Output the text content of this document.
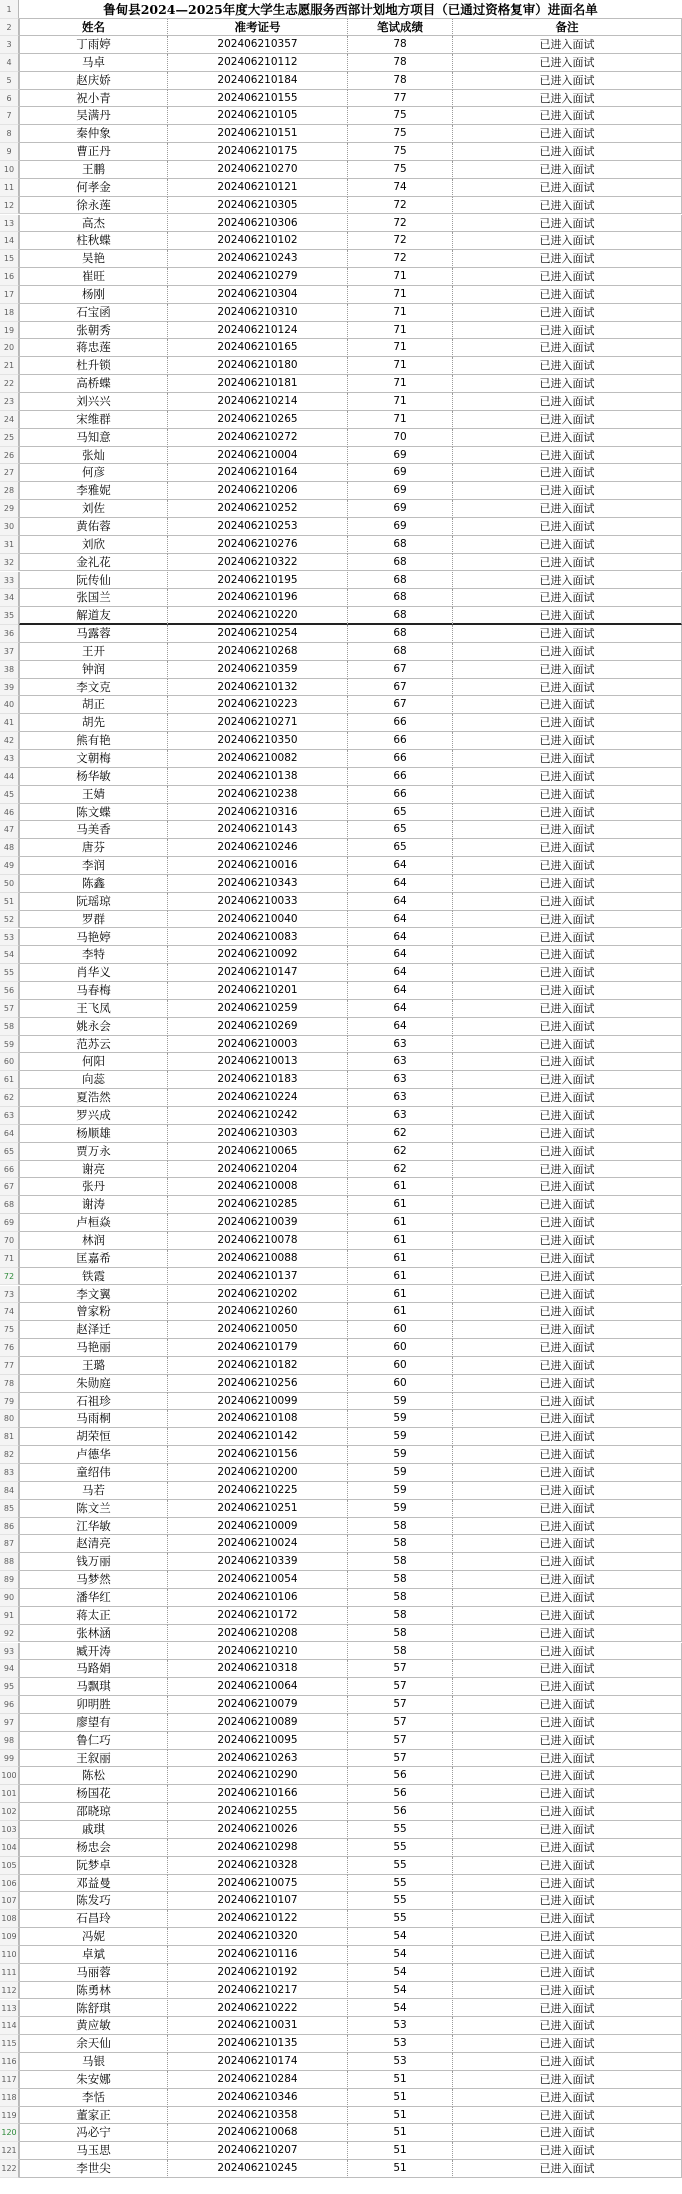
1	鲁甸县2024—2025年度大学生志愿服务西部计划地方项目（已通过资格复审）进面名单
2	姓名	准考证号	笔试成绩	备注
3	丁雨婷	202406210357	78	已进入面试
4	马卓	202406210112	78	已进入面试
5	赵庆娇	202406210184	78	已进入面试
6	祝小青	202406210155	77	已进入面试
7	吴满丹	202406210105	75	已进入面试
8	秦仲象	202406210151	75	已进入面试
9	曹正丹	202406210175	75	已进入面试
10	王鹏	202406210270	75	已进入面试
11	何孝金	202406210121	74	已进入面试
12	徐永莲	202406210305	72	已进入面试
13	高杰	202406210306	72	已进入面试
14	柱秋蝶	202406210102	72	已进入面试
15	吴艳	202406210243	72	已进入面试
16	崔旺	202406210279	71	已进入面试
17	杨刚	202406210304	71	已进入面试
18	石宝函	202406210310	71	已进入面试
19	张朝秀	202406210124	71	已进入面试
20	蒋忠莲	202406210165	71	已进入面试
21	杜升锁	202406210180	71	已进入面试
22	高桥蝶	202406210181	71	已进入面试
23	刘兴兴	202406210214	71	已进入面试
24	宋维群	202406210265	71	已进入面试
25	马知意	202406210272	70	已进入面试
26	张灿	202406210004	69	已进入面试
27	何彦	202406210164	69	已进入面试
28	李雅妮	202406210206	69	已进入面试
29	刘佐	202406210252	69	已进入面试
30	黄佑蓉	202406210253	69	已进入面试
31	刘欣	202406210276	68	已进入面试
32	金礼花	202406210322	68	已进入面试
33	阮传仙	202406210195	68	已进入面试
34	张国兰	202406210196	68	已进入面试
35	解道友	202406210220	68	已进入面试
36	马露蓉	202406210254	68	已进入面试
37	王开	202406210268	68	已进入面试
38	钟润	202406210359	67	已进入面试
39	李文克	202406210132	67	已进入面试
40	胡正	202406210223	67	已进入面试
41	胡先	202406210271	66	已进入面试
42	熊有艳	202406210350	66	已进入面试
43	文朝梅	202406210082	66	已进入面试
44	杨华敏	202406210138	66	已进入面试
45	王婧	202406210238	66	已进入面试
46	陈文蝶	202406210316	65	已进入面试
47	马美香	202406210143	65	已进入面试
48	唐芬	202406210246	65	已进入面试
49	李润	202406210016	64	已进入面试
50	陈鑫	202406210343	64	已进入面试
51	阮瑶琼	202406210033	64	已进入面试
52	罗群	202406210040	64	已进入面试
53	马艳婷	202406210083	64	已进入面试
54	李特	202406210092	64	已进入面试
55	肖华义	202406210147	64	已进入面试
56	马春梅	202406210201	64	已进入面试
57	王飞凤	202406210259	64	已进入面试
58	姚永会	202406210269	64	已进入面试
59	范苏云	202406210003	63	已进入面试
60	何阳	202406210013	63	已进入面试
61	向蕊	202406210183	63	已进入面试
62	夏浩然	202406210224	63	已进入面试
63	罗兴成	202406210242	63	已进入面试
64	杨顺雄	202406210303	62	已进入面试
65	贾万永	202406210065	62	已进入面试
66	谢亮	202406210204	62	已进入面试
67	张丹	202406210008	61	已进入面试
68	谢涛	202406210285	61	已进入面试
69	卢桓焱	202406210039	61	已进入面试
70	林润	202406210078	61	已进入面试
71	匡嘉希	202406210088	61	已进入面试
72	铁霞	202406210137	61	已进入面试
73	李文翼	202406210202	61	已进入面试
74	曾家粉	202406210260	61	已进入面试
75	赵泽迁	202406210050	60	已进入面试
76	马艳丽	202406210179	60	已进入面试
77	王璐	202406210182	60	已进入面试
78	朱勋庭	202406210256	60	已进入面试
79	石祖珍	202406210099	59	已进入面试
80	马雨桐	202406210108	59	已进入面试
81	胡荣恒	202406210142	59	已进入面试
82	卢德华	202406210156	59	已进入面试
83	童绍伟	202406210200	59	已进入面试
84	马若	202406210225	59	已进入面试
85	陈文兰	202406210251	59	已进入面试
86	江华敏	202406210009	58	已进入面试
87	赵清亮	202406210024	58	已进入面试
88	钱万丽	202406210339	58	已进入面试
89	马梦然	202406210054	58	已进入面试
90	潘华红	202406210106	58	已进入面试
91	蒋太正	202406210172	58	已进入面试
92	张林涵	202406210208	58	已进入面试
93	臧开涛	202406210210	58	已进入面试
94	马路娟	202406210318	57	已进入面试
95	马飘琪	202406210064	57	已进入面试
96	卯明胜	202406210079	57	已进入面试
97	廖望有	202406210089	57	已进入面试
98	鲁仁巧	202406210095	57	已进入面试
99	王叙丽	202406210263	57	已进入面试
100	陈松	202406210290	56	已进入面试
101	杨国花	202406210166	56	已进入面试
102	邵晓琼	202406210255	56	已进入面试
103	戚琪	202406210026	55	已进入面试
104	杨忠会	202406210298	55	已进入面试
105	阮梦卓	202406210328	55	已进入面试
106	邓益曼	202406210075	55	已进入面试
107	陈发巧	202406210107	55	已进入面试
108	石昌玲	202406210122	55	已进入面试
109	冯妮	202406210320	54	已进入面试
110	卓斌	202406210116	54	已进入面试
111	马丽蓉	202406210192	54	已进入面试
112	陈勇林	202406210217	54	已进入面试
113	陈舒琪	202406210222	54	已进入面试
114	黄应敏	202406210031	53	已进入面试
115	余天仙	202406210135	53	已进入面试
116	马银	202406210174	53	已进入面试
117	朱安娜	202406210284	51	已进入面试
118	李恬	202406210346	51	已进入面试
119	董家正	202406210358	51	已进入面试
120	冯必宁	202406210068	51	已进入面试
121	马玉思	202406210207	51	已进入面试
122	李世尖	202406210245	51	已进入面试
